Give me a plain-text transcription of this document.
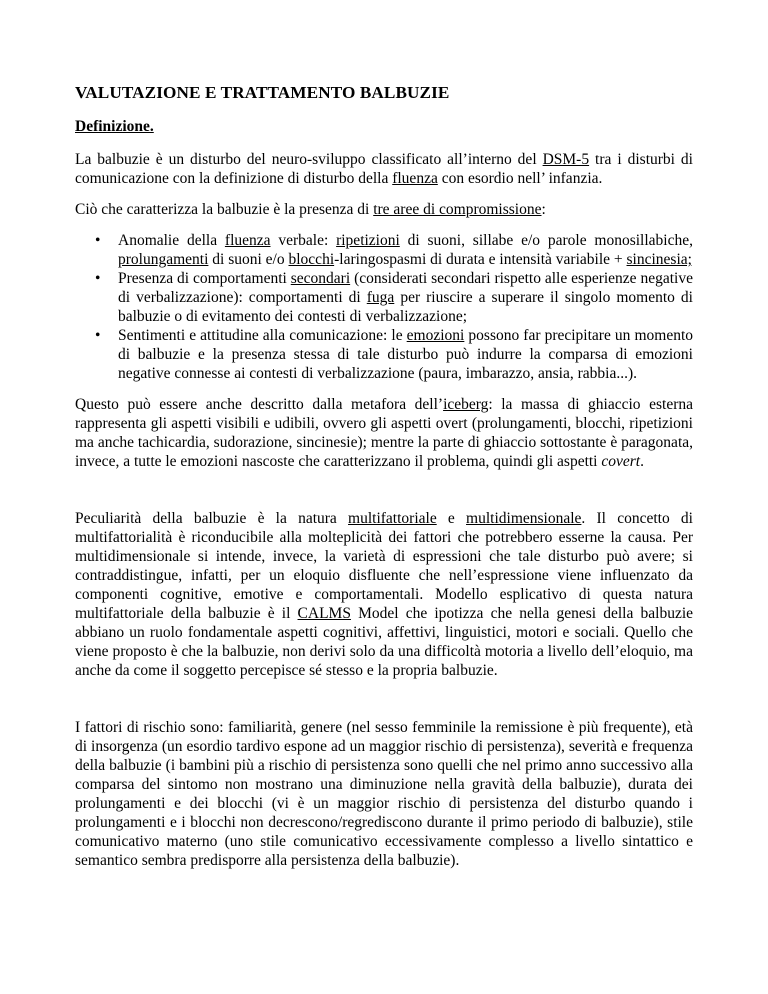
VALUTAZIONE E TRATTAMENTO BALBUZIE
Definizione.

La balbuzie è un disturbo del neuro-sviluppo classificato all’interno del DSM-5 tra i disturbi di comunicazione con la definizione di disturbo della fluenza con esordio nell’ infanzia.

Ciò che caratterizza la balbuzie è la presenza di tre aree di compromissione:

• Anomalie della fluenza verbale: ripetizioni di suoni, sillabe e/o parole monosillabiche, prolungamenti di suoni e/o blocchi-laringospasmi di durata e intensità variabile + sincinesia;
• Presenza di comportamenti secondari (considerati secondari rispetto alle esperienze negative di verbalizzazione): comportamenti di fuga per riuscire a superare il singolo momento di balbuzie o di evitamento dei contesti di verbalizzazione;
• Sentimenti e attitudine alla comunicazione: le emozioni possono far precipitare un momento di balbuzie e la presenza stessa di tale disturbo può indurre la comparsa di emozioni negative connesse ai contesti di verbalizzazione (paura, imbarazzo, ansia, rabbia...).

Questo può essere anche descritto dalla metafora dell’iceberg: la massa di ghiaccio esterna rappresenta gli aspetti visibili e udibili, ovvero gli aspetti overt (prolungamenti, blocchi, ripetizioni ma anche tachicardia, sudorazione, sincinesie); mentre la parte di ghiaccio sottostante è paragonata, invece, a tutte le emozioni nascoste che caratterizzano il problema, quindi gli aspetti covert.

Peculiarità della balbuzie è la natura multifattoriale e multidimensionale. Il concetto di multifattorialità è riconducibile alla molteplicità dei fattori che potrebbero esserne la causa. Per multidimensionale si intende, invece, la varietà di espressioni che tale disturbo può avere; si contraddistingue, infatti, per un eloquio disfluente che nell’espressione viene influenzato da componenti cognitive, emotive e comportamentali. Modello esplicativo di questa natura multifattoriale della balbuzie è il CALMS Model che ipotizza che nella genesi della balbuzie abbiano un ruolo fondamentale aspetti cognitivi, affettivi, linguistici, motori e sociali. Quello che viene proposto è che la balbuzie, non derivi solo da una difficoltà motoria a livello dell’eloquio, ma anche da come il soggetto percepisce sé stesso e la propria balbuzie.

I fattori di rischio sono: familiarità, genere (nel sesso femminile la remissione è più frequente), età di insorgenza (un esordio tardivo espone ad un maggior rischio di persistenza), severità e frequenza della balbuzie (i bambini più a rischio di persistenza sono quelli che nel primo anno successivo alla comparsa del sintomo non mostrano una diminuzione nella gravità della balbuzie), durata dei prolungamenti e dei blocchi (vi è un maggior rischio di persistenza del disturbo quando i prolungamenti e i blocchi non decrescono/regrediscono durante il primo periodo di balbuzie), stile comunicativo materno (uno stile comunicativo eccessivamente complesso a livello sintattico e semantico sembra predisporre alla persistenza della balbuzie).
